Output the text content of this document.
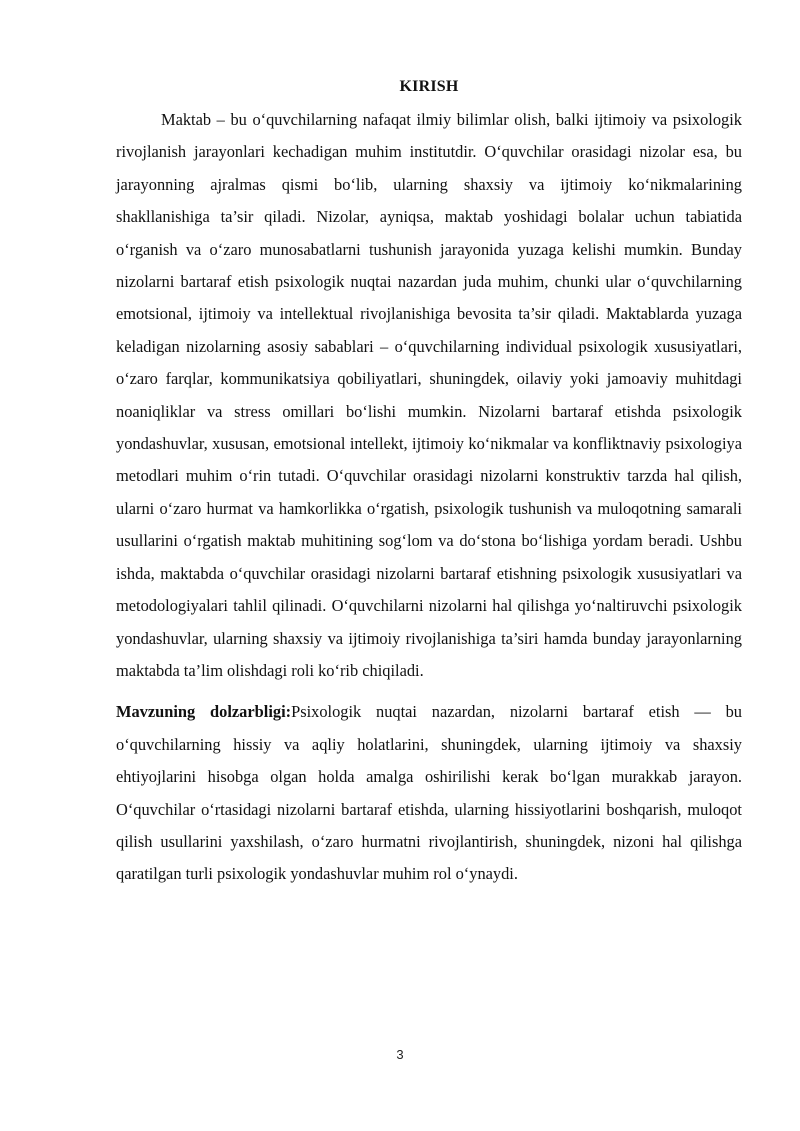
KIRISH

Maktab – bu o‘quvchilarning nafaqat ilmiy bilimlar olish, balki ijtimoiy va psixologik rivojlanish jarayonlari kechadigan muhim institutdir. O‘quvchilar orasidagi nizolar esa, bu jarayonning ajralmas qismi bo‘lib, ularning shaxsiy va ijtimoiy ko‘nikmalarining shakllanishiga ta’sir qiladi. Nizolar, ayniqsa, maktab yoshidagi bolalar uchun tabiatida o‘rganish va o‘zaro munosabatlarni tushunish jarayonida yuzaga kelishi mumkin. Bunday nizolarni bartaraf etish psixologik nuqtai nazardan juda muhim, chunki ular o‘quvchilarning emotsional, ijtimoiy va intellektual rivojlanishiga bevosita ta’sir qiladi. Maktablarda yuzaga keladigan nizolarning asosiy sabablari – o‘quvchilarning individual psixologik xususiyatlari, o‘zaro farqlar, kommunikatsiya qobiliyatlari, shuningdek, oilaviy yoki jamoaviy muhitdagi noaniqliklar va stress omillari bo‘lishi mumkin. Nizolarni bartaraf etishda psixologik yondashuvlar, xususan, emotsional intellekt, ijtimoiy ko‘nikmalar va konfliktnaviy psixologiya metodlari muhim o‘rin tutadi. O‘quvchilar orasidagi nizolarni konstruktiv tarzda hal qilish, ularni o‘zaro hurmat va hamkorlikka o‘rgatish, psixologik tushunish va muloqotning samarali usullarini o‘rgatish maktab muhitining sog‘lom va do‘stona bo‘lishiga yordam beradi. Ushbu ishda, maktabda o‘quvchilar orasidagi nizolarni bartaraf etishning psixologik xususiyatlari va metodologiyalari tahlil qilinadi. O‘quvchilarni nizolarni hal qilishga yo‘naltiruvchi psixologik yondashuvlar, ularning shaxsiy va ijtimoiy rivojlanishiga ta’siri hamda bunday jarayonlarning maktabda ta’lim olishdagi roli ko‘rib chiqiladi.

Mavzuning dolzarbligi:Psixologik nuqtai nazardan, nizolarni bartaraf etish — bu o‘quvchilarning hissiy va aqliy holatlarini, shuningdek, ularning ijtimoiy va shaxsiy ehtiyojlarini hisobga olgan holda amalga oshirilishi kerak bo‘lgan murakkab jarayon. O‘quvchilar o‘rtasidagi nizolarni bartaraf etishda, ularning hissiyotlarini boshqarish, muloqot qilish usullarini yaxshilash, o‘zaro hurmatni rivojlantirish, shuningdek, nizoni hal qilishga qaratilgan turli psixologik yondashuvlar muhim rol o‘ynaydi.

3
